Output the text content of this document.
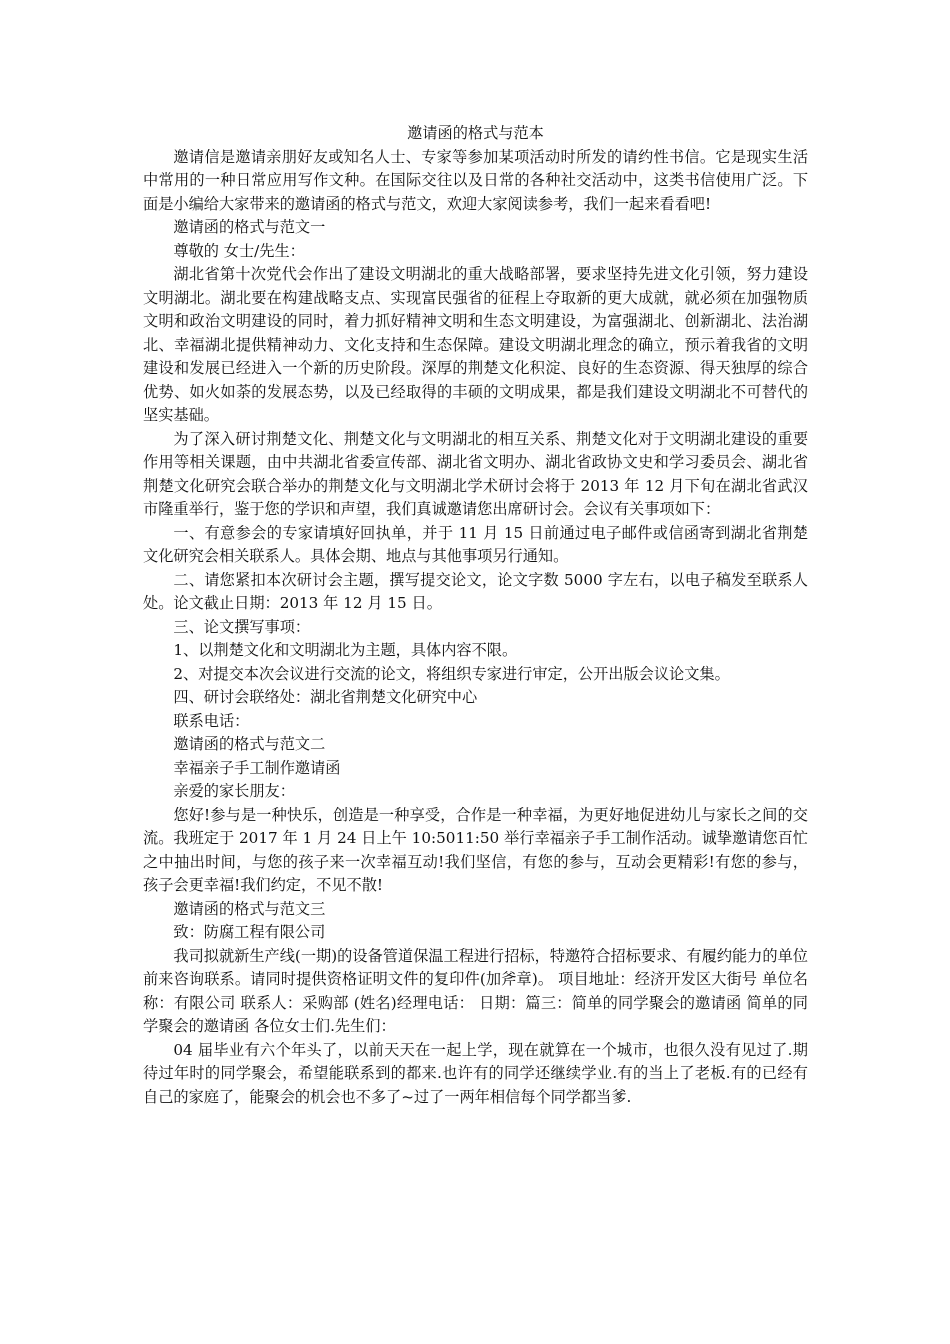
邀请函的格式与范本

邀请信是邀请亲朋好友或知名人士、专家等参加某项活动时所发的请约性书信。它是现实生活中常用的一种日常应用写作文种。在国际交往以及日常的各种社交活动中，这类书信使用广泛。下面是小编给大家带来的邀请函的格式与范文，欢迎大家阅读参考，我们一起来看看吧!

邀请函的格式与范文一

尊敬的 女士/先生：

湖北省第十次党代会作出了建设文明湖北的重大战略部署，要求坚持先进文化引领，努力建设文明湖北。湖北要在构建战略支点、实现富民强省的征程上夺取新的更大成就，就必须在加强物质文明和政治文明建设的同时，着力抓好精神文明和生态文明建设，为富强湖北、创新湖北、法治湖北、幸福湖北提供精神动力、文化支持和生态保障。建设文明湖北理念的确立，预示着我省的文明建设和发展已经进入一个新的历史阶段。深厚的荆楚文化积淀、良好的生态资源、得天独厚的综合优势、如火如荼的发展态势，以及已经取得的丰硕的文明成果，都是我们建设文明湖北不可替代的坚实基础。

为了深入研讨荆楚文化、荆楚文化与文明湖北的相互关系、荆楚文化对于文明湖北建设的重要作用等相关课题，由中共湖北省委宣传部、湖北省文明办、湖北省政协文史和学习委员会、湖北省荆楚文化研究会联合举办的荆楚文化与文明湖北学术研讨会将于 2013 年 12 月下旬在湖北省武汉市隆重举行，鉴于您的学识和声望，我们真诚邀请您出席研讨会。会议有关事项如下：

一、有意参会的专家请填好回执单，并于 11 月 15 日前通过电子邮件或信函寄到湖北省荆楚文化研究会相关联系人。具体会期、地点与其他事项另行通知。

二、请您紧扣本次研讨会主题，撰写提交论文，论文字数 5000 字左右，以电子稿发至联系人处。论文截止日期：2013 年 12 月 15 日。

三、论文撰写事项：

1、以荆楚文化和文明湖北为主题，具体内容不限。

2、对提交本次会议进行交流的论文，将组织专家进行审定，公开出版会议论文集。

四、研讨会联络处：湖北省荆楚文化研究中心

联系电话：

邀请函的格式与范文二

幸福亲子手工制作邀请函

亲爱的家长朋友：

您好!参与是一种快乐，创造是一种享受，合作是一种幸福，为更好地促进幼儿与家长之间的交流。我班定于 2017 年 1 月 24 日上午 10:5011:50 举行幸福亲子手工制作活动。诚挚邀请您百忙之中抽出时间，与您的孩子来一次幸福互动!我们坚信，有您的参与，互动会更精彩!有您的参与，孩子会更幸福!我们约定，不见不散!

邀请函的格式与范文三

致：防腐工程有限公司

我司拟就新生产线(一期)的设备管道保温工程进行招标，特邀符合招标要求、有履约能力的单位前来咨询联系。请同时提供资格证明文件的复印件(加斧章)。 项目地址：经济开发区大街号 单位名称：有限公司 联系人：采购部 (姓名)经理电话： 日期：篇三：简单的同学聚会的邀请函 简单的同学聚会的邀请函 各位女士们.先生们：

04 届毕业有六个年头了，以前天天在一起上学，现在就算在一个城市，也很久没有见过了.期待过年时的同学聚会，希望能联系到的都来.也许有的同学还继续学业.有的当上了老板.有的已经有自己的家庭了，能聚会的机会也不多了~过了一两年相信每个同学都当爹.
